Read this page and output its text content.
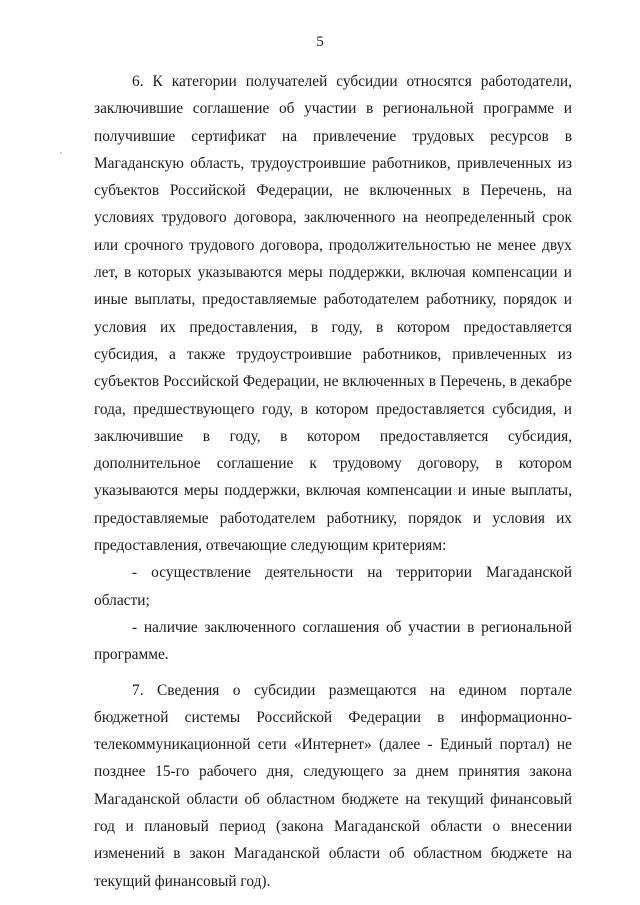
5

6. К категории получателей субсидии относятся работодатели, заключившие соглашение об участии в региональной программе и получившие сертификат на привлечение трудовых ресурсов в Магаданскую область, трудоустроившие работников, привлеченных из субъектов Российской Федерации, не включенных в Перечень, на условиях трудового договора, заключенного на неопределенный срок или срочного трудового договора, продолжительностью не менее двух лет, в которых указываются меры поддержки, включая компенсации и иные выплаты, предоставляемые работодателем работнику, порядок и условия их предоставления, в году, в котором предоставляется субсидия, а также трудоустроившие работников, привлеченных из субъектов Российской Федерации, не включенных в Перечень, в декабре года, предшествующего году, в котором предоставляется субсидия, и заключившие в году, в котором предоставляется субсидия, дополнительное соглашение к трудовому договору, в котором указываются меры поддержки, включая компенсации и иные выплаты, предоставляемые работодателем работнику, порядок и условия их предоставления, отвечающие следующим критериям:

- осуществление деятельности на территории Магаданской области;

- наличие заключенного соглашения об участии в региональной программе.

7. Сведения о субсидии размещаются на едином портале бюджетной системы Российской Федерации в информационно-телекоммуникационной сети «Интернет» (далее - Единый портал) не позднее 15-го рабочего дня, следующего за днем принятия закона Магаданской области об областном бюджете на текущий финансовый год и плановый период (закона Магаданской области о внесении изменений в закон Магаданской области об областном бюджете на текущий финансовый год).
